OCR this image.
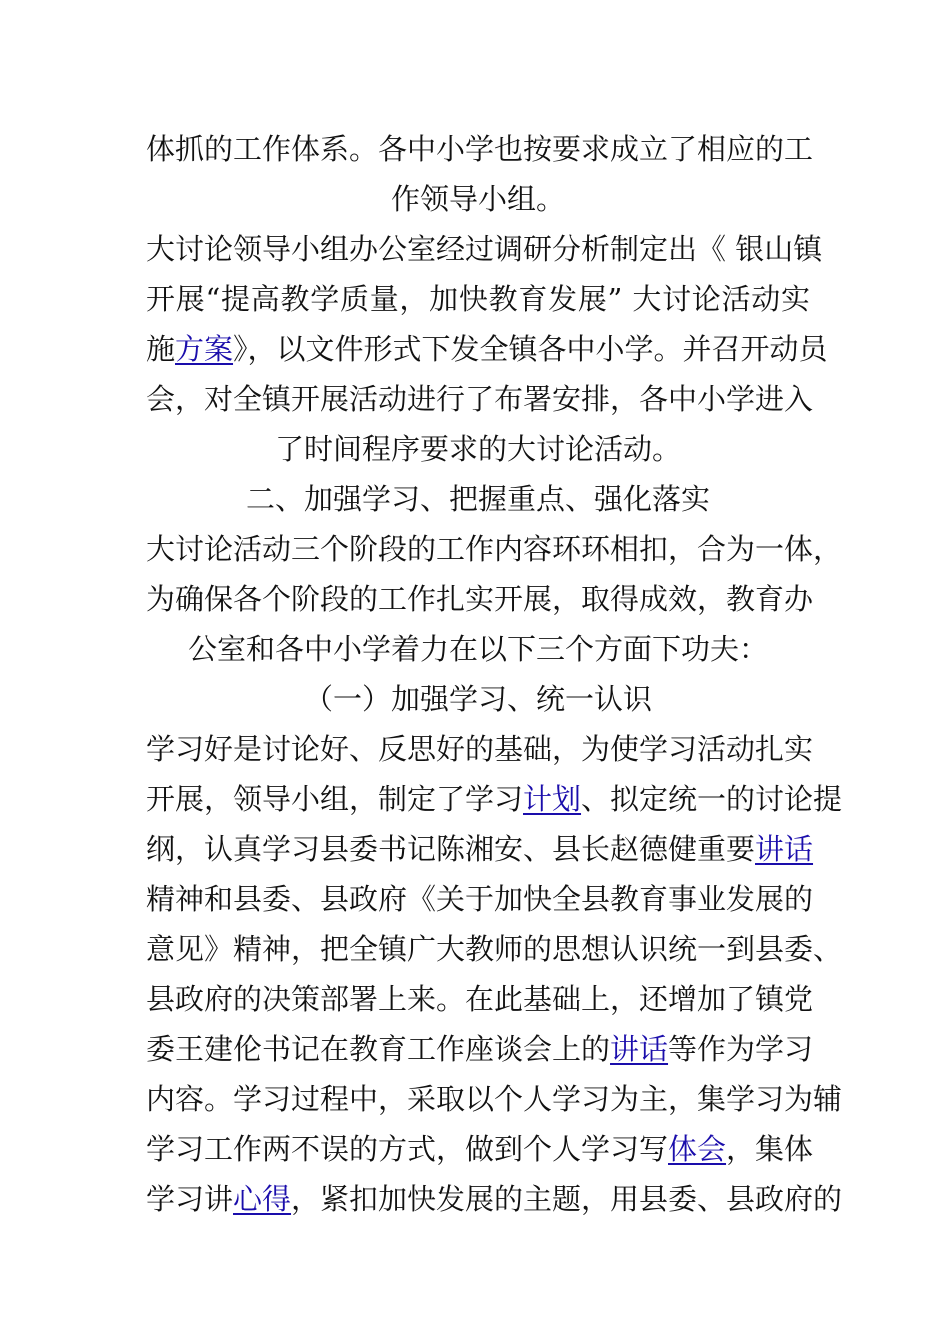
体抓的工作体系。各中小学也按要求成立了相应的工
作领导小组。
大讨论领导小组办公室经过调研分析制定出《 银山镇
开展“提高教学质量，加快教育发展” 大讨论活动实
施方案》，以文件形式下发全镇各中小学。并召开动员
会，对全镇开展活动进行了布署安排，各中小学进入
了时间程序要求的大讨论活动。
二、加强学习、把握重点、强化落实
大讨论活动三个阶段的工作内容环环相扣，合为一体，
为确保各个阶段的工作扎实开展，取得成效，教育办
公室和各中小学着力在以下三个方面下功夫：
（一）加强学习、统一认识
学习好是讨论好、反思好的基础，为使学习活动扎实
开展，领导小组，制定了学习计划、拟定统一的讨论提
纲，认真学习县委书记陈湘安、县长赵德健重要讲话
精神和县委、县政府《关于加快全县教育事业发展的
意见》精神，把全镇广大教师的思想认识统一到县委、
县政府的决策部署上来。在此基础上，还增加了镇党
委王建伦书记在教育工作座谈会上的讲话等作为学习
内容。学习过程中，采取以个人学习为主，集学习为辅
学习工作两不误的方式，做到个人学习写体会，集体
学习讲心得，紧扣加快发展的主题，用县委、县政府的
